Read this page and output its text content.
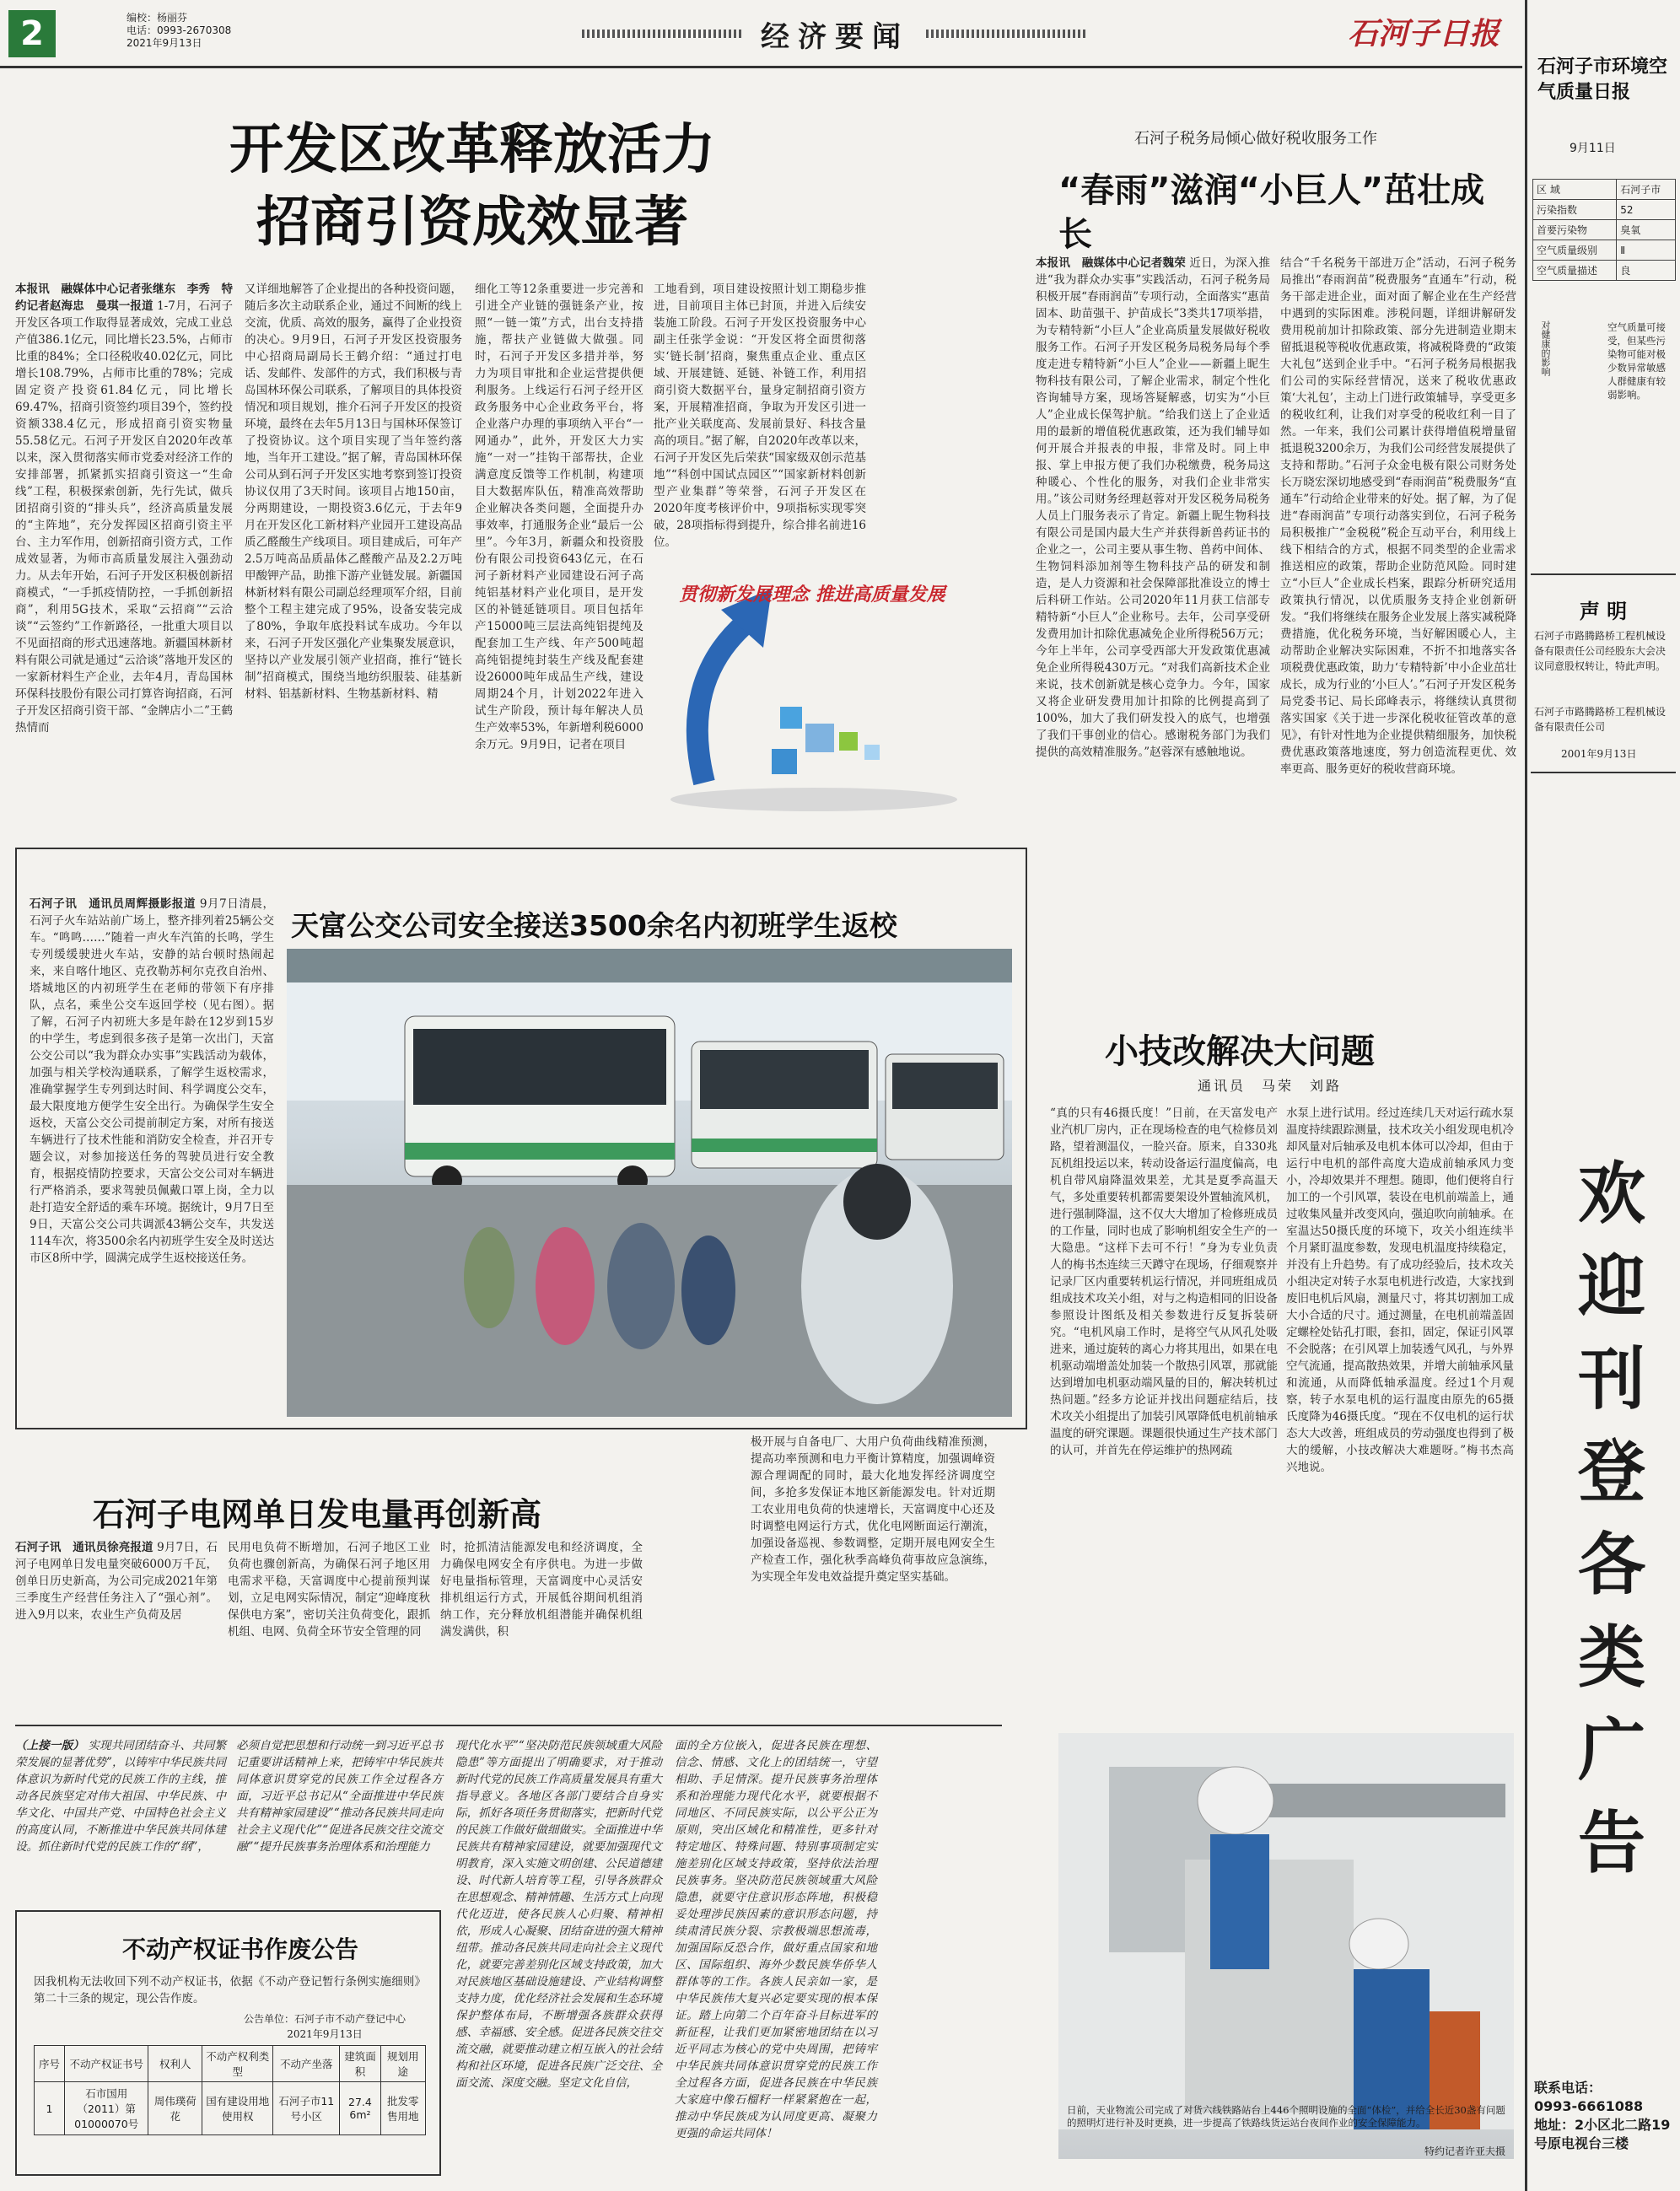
2	编校：杨丽芬
电话：0993-2670308
2021年9月13日	经济要闻	石河子日报
开发区改革释放活力
招商引资成效显著
本报讯　融媒体中心记者张继东　李秀　特约记者赵海忠　曼琪一报道 1-7月，石河子开发区各项工作取得显著成效，完成工业总产值386.1亿元，同比增长23.5%，占师市比重的84%；全口径税收40.02亿元，同比增长108.79%，占师市比重的78%；完成固定资产投资61.84亿元，同比增长69.47%，招商引资签约项目39个，签约投资额338.4亿元，形成招商引资实物量55.58亿元。石河子开发区自2020年改革以来，深入贯彻落实师市党委对经济工作的安排部署，抓紧抓实招商引资这一“生命线”工程，积极探索创新，先行先试，做兵团招商引资的“排头兵”，经济高质量发展的“主阵地”，充分发挥园区招商引资主平台、主力军作用，创新招商引资方式，工作成效显著，为师市高质量发展注入强劲动力。从去年开始，石河子开发区积极创新招商模式，“一手抓疫情防控，一手抓创新招商”，利用5G技术，采取“云招商”“云洽谈”“云签约”工作新路径，一批重大项目以不见面招商的形式迅速落地。新疆国林新材料有限公司就是通过“云洽谈”落地开发区的一家新材料生产企业，去年4月，青岛国林环保科技股份有限公司打算咨询招商，石河子开发区招商引资干部、“金牌店小二”王鹤热情而
又详细地解答了企业提出的各种投资问题，随后多次主动联系企业，通过不间断的线上交流，优质、高效的服务，赢得了企业投资的决心。9月9日，石河子开发区投资服务中心招商局副局长王鹤介绍：“通过打电话、发邮件、发部件的方式，我们积极与青岛国林环保公司联系，了解项目的具体投资情况和项目规划，推介石河子开发区的投资环境，最终在去年5月13日与国林环保签订了投资协议。这个项目实现了当年签约落地，当年开工建设。”据了解，青岛国林环保公司从到石河子开发区实地考察到签订投资协议仅用了3天时间。该项目占地150亩，分两期建设，一期投资3.6亿元，于去年9月在开发区化工新材料产业园开工建设高品质乙醛酸生产线项目。项目建成后，可年产2.5万吨高品质晶体乙醛酸产品及2.2万吨甲酸钾产品，助推下游产业链发展。新疆国林新材料有限公司副总经理项军介绍，目前整个工程主建完成了95%，设备安装完成了80%，争取年底投料试车成功。今年以来，石河子开发区强化产业集聚发展意识，坚持以产业发展引领产业招商，推行“链长制”招商模式，围绕当地纺织服装、硅基新材料、铝基新材料、生物基新材料、精
细化工等12条重要进一步完善和引进全产业链的强链条产业，按照“一链一策”方式，出台支持措施，帮扶产业链做大做强。同时，石河子开发区多措并举，努力为项目审批和企业运营提供便利服务。上线运行石河子经开区政务服务中心企业政务平台，将企业落户办理的事项纳入平台“一网通办”，此外，开发区大力实施“一对一”挂钩干部帮扶，企业满意度反馈等工作机制，构建项目大数据库队伍，精准高效帮助企业解决各类问题，全面提升办事效率，打通服务企业“最后一公里”。今年3月，新疆众和投资股份有限公司投资643亿元，在石河子新材料产业园建设石河子高纯铝基材料产业化项目，是开发区的补链延链项目。项目包括年产15000吨三层法高纯铝提纯及配套加工生产线、年产500吨超高纯铝提纯封装生产线及配套建设26000吨年成品生产线，建设周期24个月，计划2022年进入试生产阶段，预计每年解决人员生产效率53%，年新增利税6000余万元。9月9日，记者在项目
工地看到，项目建设按照计划工期稳步推进，目前项目主体已封顶，并进入后续安装施工阶段。石河子开发区投资服务中心副主任张学金说：“开发区将全面贯彻落实‘链长制’招商，聚焦重点企业、重点区域、开展建链、延链、补链工作，利用招商引资大数据平台，量身定制招商引资方案，开展精准招商，争取为开发区引进一批产业关联度高、发展前景好、科技含量高的项目。”据了解，自2020年改革以来，石河子开发区先后荣获“国家级双创示范基地”“科创中国试点园区”“国家新材料创新型产业集群”等荣誉，石河子开发区在2020年度考核评价中，9项指标实现零突破，28项指标得到提升，综合排名前进16位。
贯彻新发展理念 推进高质量发展
石河子税务局倾心做好税收服务工作
“春雨”滋润“小巨人”茁壮成长
本报讯　融媒体中心记者魏荣 近日，为深入推进“我为群众办实事”实践活动，石河子税务局积极开展“春雨润苗”专项行动，全面落实“惠苗固本、助苗强干、护苗成长”3类共17项举措，为专精特新“小巨人”企业高质量发展做好税收服务工作。石河子开发区税务局税务局每个季度走进专精特新“小巨人”企业——新疆上昵生物科技有限公司，了解企业需求，制定个性化咨询辅导方案，现场答疑解惑，切实为“小巨人”企业成长保驾护航。“给我们送上了企业适用的最新的增值税优惠政策，还为我们辅导如何开展合并报表的申报，非常及时。同上申报、掌上申报方便了我们办税缴费，税务局这种暖心、个性化的服务，对我们企业非常实用。”该公司财务经理赵蓉对开发区税务局税务人员上门服务表示了肯定。新疆上昵生物科技有限公司是国内最大生产并获得新兽药证书的企业之一，公司主要从事生物、兽药中间体、生物饲料添加剂等生物科技产品的研发和制造，是人力资源和社会保障部批准设立的博士后科研工作站。公司2020年11月获工信部专精特新“小巨人”企业称号。去年，公司享受研发费用加计扣除优惠减免企业所得税56万元；今年上半年，公司享受西部大开发政策优惠减免企业所得税430万元。“对我们高新技术企业来说，技术创新就是核心竞争力。今年，国家又将企业研发费用加计扣除的比例提高到了100%，加大了我们研发投入的底气，也增强了我们干事创业的信心。感谢税务部门为我们提供的高效精准服务。”赵蓉深有感触地说。
结合“千名税务干部进万企”活动，石河子税务局推出“春雨润苗”税费服务“直通车”行动，税务干部走进企业，面对面了解企业在生产经营中遇到的实际困难。涉税问题，详细讲解研发费用税前加计扣除政策、部分先进制造业期末留抵退税等税收优惠政策，将减税降费的“政策大礼包”送到企业手中。“石河子税务局根据我们公司的实际经营情况，送来了税收优惠政策‘大礼包’，主动上门进行政策辅导，享受更多的税收红利，让我们对享受的税收红利一目了然。一年来，我们公司累计获得增值税增量留抵退税3200余万，为我们公司经营发展提供了支持和帮助。”石河子众金电极有限公司财务处长万晓宏深切地感受到“春雨润苗”税费服务“直通车”行动给企业带来的好处。据了解，为了促进“春雨润苗”专项行动落实到位，石河子税务局积极推广“金税税”税企互动平台，利用线上线下相结合的方式，根据不同类型的企业需求推送相应的政策，帮助企业防范风险。同时建立“小巨人”企业成长档案，跟踪分析研究适用政策执行情况，以优质服务支持企业创新研发。“我们将继续在服务企业发展上落实减税降费措施，优化税务环境，当好解困暖心人，主动帮助企业解决实际困难，不折不扣地落实各项税费优惠政策，助力‘专精特新’中小企业茁壮成长，成为行业的‘小巨人’。”石河子开发区税务局党委书记、局长邱峰表示，将继续认真贯彻落实国家《关于进一步深化税收征管改革的意见》，有针对性地为企业提供精细服务，加快税费优惠政策落地速度，努力创造流程更优、效率更高、服务更好的税收营商环境。
天富公交公司安全接送3500余名内初班学生返校
石河子讯　通讯员周辉摄影报道 9月7日清晨，石河子火车站站前广场上，整齐排列着25辆公交车。“鸣鸣……”随着一声火车汽笛的长鸣，学生专列缓缓驶进火车站，安静的站台顿时热闹起来，来自喀什地区、克孜勒苏柯尔克孜自治州、塔城地区的内初班学生在老师的带领下有序排队，点名，乘坐公交车返回学校（见右图）。据了解，石河子内初班大多是年龄在12岁到15岁的中学生，考虑到很多孩子是第一次出门，天富公交公司以“我为群众办实事”实践活动为载体，加强与相关学校沟通联系，了解学生返校需求，准确掌握学生专列到达时间、科学调度公交车，最大限度地方便学生安全出行。为确保学生安全返校，天富公交公司提前制定方案，对所有接送车辆进行了技术性能和消防安全检查，并召开专题会议，对参加接送任务的驾驶员进行安全教育，根据疫情防控要求，天富公交公司对车辆进行严格消杀，要求驾驶员佩戴口罩上岗，全力以赴打造安全舒适的乘车环境。据统计，9月7日至9日，天富公交公司共调派43辆公交车，共发送114车次，将3500余名内初班学生安全及时送达市区8所中学，圆满完成学生返校接送任务。
石河子电网单日发电量再创新高
石河子讯　通讯员徐亮报道 9月7日，石河子电网单日发电量突破6000万千瓦，创单日历史新高，为公司完成2021年第三季度生产经营任务注入了“强心剂”。进入9月以来，农业生产负荷及居
民用电负荷不断增加，石河子地区工业负荷也骤创新高，为确保石河子地区用电需求平稳，天富调度中心提前预判谋划，立足电网实际情况，制定“迎峰度秋保供电方案”，密切关注负荷变化，跟抓机组、电网、负荷全环节安全管理的同
时，抢抓清洁能源发电和经济调度，全力确保电网安全有序供电。为进一步做好电量指标管理，天富调度中心灵活安排机组运行方式，开展低谷期间机组消纳工作，充分释放机组潜能并确保机组满发满供，积
极开展与自备电厂、大用户负荷曲线精准预测，提高功率预测和电力平衡计算精度，加强调峰资源合理调配的同时，最大化地发挥经济调度空间，多抢多发保证本地区新能源发电。针对近期工农业用电负荷的快速增长，天富调度中心还及时调整电网运行方式，优化电网断面运行潮流，加强设备巡视、参数调整，定期开展电网安全生产检查工作，强化秋季高峰负荷事故应急演练，为实现全年发电效益提升奠定坚实基础。
小技改解决大问题
通讯员　马荣　刘路
“真的只有46摄氏度！”日前，在天富发电产业汽机厂房内，正在现场检查的电气检修员刘路，望着测温仪，一脸兴奋。原来，自330兆瓦机组投运以来，转动设备运行温度偏高，电机自带风扇降温效果差，尤其是夏季高温天气，多处重要转机都需要架设外置轴流风机，进行强制降温，这不仅大大增加了检修班成员的工作量，同时也成了影响机组安全生产的一大隐患。“这样下去可不行！”身为专业负责人的梅书杰连续三天蹲守在现场，仔细观察并记录厂区内重要转机运行情况，并同班组成员组成技术攻关小组，对与之构造相同的旧设备参照设计图纸及相关参数进行反复拆装研究。“电机风扇工作时，是将空气从风孔处吸进来，通过旋转的离心力将其甩出，如果在电机驱动端增盖处加装一个散热引风罩，那就能达到增加电机驱动端风量的目的，解决转机过热问题。”经多方论证并找出问题症结后，技术攻关小组提出了加装引风罩降低电机前轴承温度的研究课题。课题很快通过生产技术部门的认可，并首先在停运维护的热网疏
水泵上进行试用。经过连续几天对运行疏水泵温度持续跟踪测量，技术攻关小组发现电机冷却风量对后轴承及电机本体可以冷却，但由于运行中电机的部件高度大造成前轴承风力变小，冷却效果并不理想。随即，他们便将自行加工的一个引风罩，装设在电机前端盖上，通过收集风量并改变风向，强迫吹向前轴承。在室温达50摄氏度的环境下，攻关小组连续半个月紧盯温度参数，发现电机温度持续稳定，并没有上升趋势。有了成功经验后，技术攻关小组决定对转子水泵电机进行改造，大家找到废旧电机后风扇，测量尺寸，将其切割加工成大小合适的尺寸。通过测量，在电机前端盖固定螺栓处钻孔打眼，套扣，固定，保证引风罩不会脱落；在引风罩上加装透气风孔，与外界空气流通，提高散热效果，并增大前轴承风量和流通，从而降低轴承温度。经过1个月观察，转子水泵电机的运行温度由原先的65摄氏度降为46摄氏度。“现在不仅电机的运行状态大大改善，班组成员的劳动强度也得到了极大的缓解，小技改解决大难题呀。”梅书杰高兴地说。
日前，天业物流公司完成了对货六线铁路站台上446个照明设施的全面“体检”，并给全长近30盏有问题的照明灯进行补及时更换，进一步提高了铁路线货运站台夜间作业的安全保障能力。
特约记者许亚夫摄
（上接一版） 实现共同团结奋斗、共同繁荣发展的显著优势”，以铸牢中华民族共同体意识为新时代党的民族工作的主线，推动各民族坚定对伟大祖国、中华民族、中华文化、中国共产党、中国特色社会主义的高度认同，不断推进中华民族共同体建设。抓住新时代党的民族工作的“纲”，
必须自觉把思想和行动统一到习近平总书记重要讲话精神上来，把铸牢中华民族共同体意识贯穿党的民族工作全过程各方面，习近平总书记从“全面推进中华民族共有精神家园建设”“推动各民族共同走向社会主义现代化”“促进各民族交往交流交融”“提升民族事务治理体系和治理能力
现代化水平”“坚决防范民族领域重大风险隐患”等方面提出了明确要求，对于推动新时代党的民族工作高质量发展具有重大指导意义。各地区各部门要结合自身实际，抓好各项任务贯彻落实，把新时代党的民族工作做好做细做实。全面推进中华民族共有精神家园建设，就要加强现代文明教育，深入实施文明创建、公民道德建设、时代新人培育等工程，引导各族群众在思想观念、精神情趣、生活方式上向现代化迈进，使各民族人心归聚、精神相依，形成人心凝聚、团结奋进的强大精神纽带。推动各民族共同走向社会主义现代化，就要完善差别化区域支持政策，加大对民族地区基础设施建设、产业结构调整支持力度，优化经济社会发展和生态环境保护整体布局，不断增强各族群众获得感、幸福感、安全感。促进各民族交往交流交融，就要推动建立相互嵌入的社会结构和社区环境，促进各民族广泛交往、全面交流、深度交融。坚定文化自信，
面的全方位嵌入，促进各民族在理想、信念、情感、文化上的团结统一，守望相助、手足情深。提升民族事务治理体系和治理能力现代化水平，就要根据不同地区、不同民族实际，以公平公正为原则，突出区域化和精准性，更多针对特定地区、特殊问题、特别事项制定实施差别化区域支持政策，坚持依法治理民族事务。坚决防范民族领域重大风险隐患，就要守住意识形态阵地，积极稳妥处理涉民族因素的意识形态问题，持续肃清民族分裂、宗教极端思想流毒，加强国际反恐合作，做好重点国家和地区、国际组织、海外少数民族华侨华人群体等的工作。各族人民亲如一家，是中华民族伟大复兴必定要实现的根本保证。踏上向第二个百年奋斗目标进军的新征程，让我们更加紧密地团结在以习近平同志为核心的党中央周围，把铸牢中华民族共同体意识贯穿党的民族工作全过程各方面，促进各民族在中华民族大家庭中像石榴籽一样紧紧抱在一起，推动中华民族成为认同度更高、凝聚力更强的命运共同体！
不动产权证书作废公告
因我机构无法收回下列不动产权证书，依据《不动产登记暂行条例实施细则》第二十三条的规定，现公告作废。
公告单位：石河子市不动产登记中心
2021年9月13日
序号	不动产权证书号	权利人	不动产权利类型	不动产坐落	建筑面积	规划用途
1	石市国用（2011）第01000070号	周伟璞荷花	国有建设用地使用权	石河子市11号小区	27.4 6m²	批发零售用地
石河子市环境空气质量日报
9月11日
区 域	石河子市
污染指数	52
首要污染物	臭氧
空气质量级别	Ⅱ
空气质量描述	良
对健康的影响	空气质量可接受，但某些污染物可能对极少数异常敏感人群健康有较弱影响。
声 明
石河子市路腾路桥工程机械设备有限责任公司经股东大会决议同意股权转让，特此声明。
石河子市路腾路桥工程机械设备有限责任公司
2001年9月13日
欢
迎
刊
登
各
类
广
告
联系电话：
0993-6661088
地址：2小区北二路19号原电视台三楼
